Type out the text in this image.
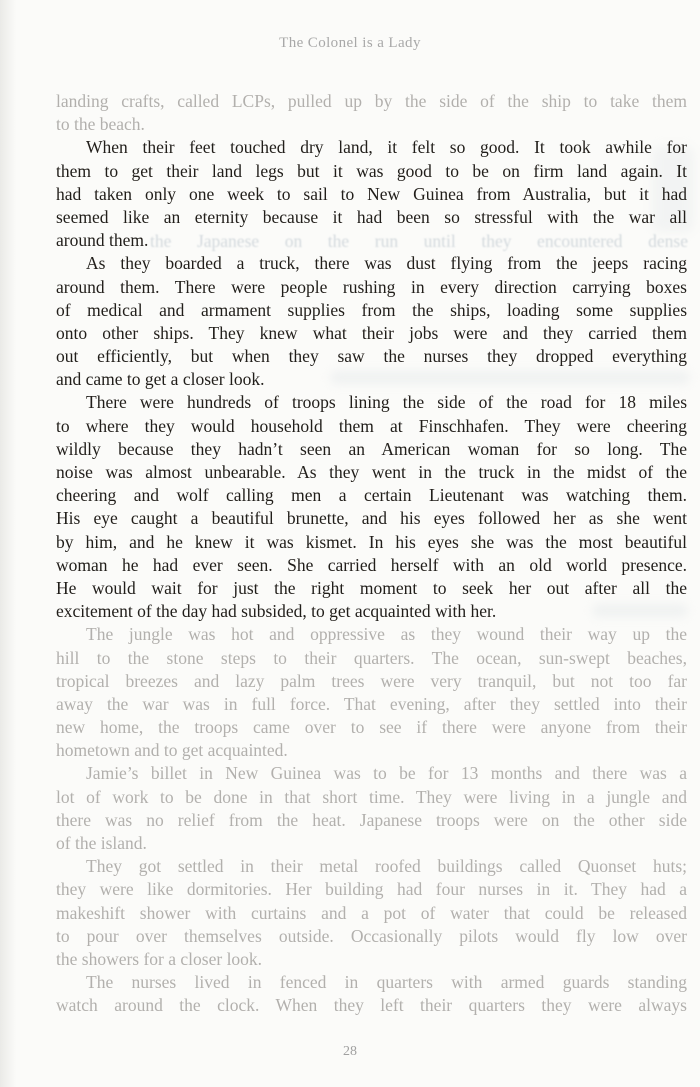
The Colonel is a Lady
the Japanese on the run until they encountered dense
landing crafts, called LCPs, pulled up by the side of the ship to take them
to the beach.
When their feet touched dry land, it felt so good. It took awhile for
them to get their land legs but it was good to be on firm land again. It
had taken only one week to sail to New Guinea from Australia, but it had
seemed like an eternity because it had been so stressful with the war all
around them.
As they boarded a truck, there was dust flying from the jeeps racing
around them. There were people rushing in every direction carrying boxes
of medical and armament supplies from the ships, loading some supplies
onto other ships. They knew what their jobs were and they carried them
out efficiently, but when they saw the nurses they dropped everything
and came to get a closer look.
There were hundreds of troops lining the side of the road for 18 miles
to where they would household them at Finschhafen. They were cheering
wildly because they hadn’t seen an American woman for so long. The
noise was almost unbearable. As they went in the truck in the midst of the
cheering and wolf calling men a certain Lieutenant was watching them.
His eye caught a beautiful brunette, and his eyes followed her as she went
by him, and he knew it was kismet. In his eyes she was the most beautiful
woman he had ever seen. She carried herself with an old world presence.
He would wait for just the right moment to seek her out after all the
excitement of the day had subsided, to get acquainted with her.
The jungle was hot and oppressive as they wound their way up the
hill to the stone steps to their quarters. The ocean, sun-swept beaches,
tropical breezes and lazy palm trees were very tranquil, but not too far
away the war was in full force. That evening, after they settled into their
new home, the troops came over to see if there were anyone from their
hometown and to get acquainted.
Jamie’s billet in New Guinea was to be for 13 months and there was a
lot of work to be done in that short time. They were living in a jungle and
there was no relief from the heat. Japanese troops were on the other side
of the island.
They got settled in their metal roofed buildings called Quonset huts;
they were like dormitories. Her building had four nurses in it. They had a
makeshift shower with curtains and a pot of water that could be released
to pour over themselves outside. Occasionally pilots would fly low over
the showers for a closer look.
The nurses lived in fenced in quarters with armed guards standing
watch around the clock. When they left their quarters they were always
28
